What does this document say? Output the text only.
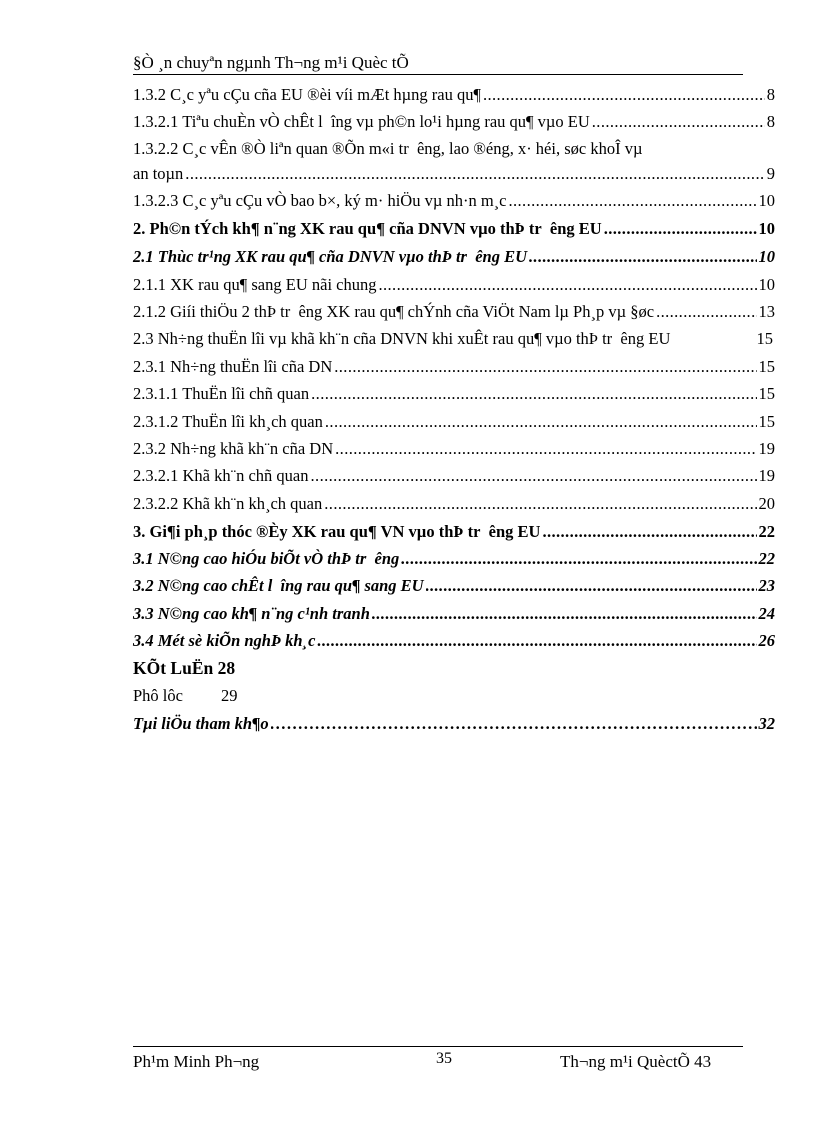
§Ò ¸n chuyªn ngµnh Th¬ng m¹i Quèc tÕ
1.3.2 C¸c yªu cÇu cña EU ®èi víi mÆt hµng rau qu¶ .....	8
1.3.2.1 Tiªu chuÈn vÒ chÊt l  îng vµ ph©n lo¹i hµng rau qu¶ vµo EU .....	8
1.3.2.2 C¸c vÊn ®Ò liªn quan ®Õn m«i tr  êng, lao ®éng, x· héi, søc khoÎ vµ
an toµn .....	9
1.3.2.3 C¸c yªu cÇu vÒ bao b×, ký m· hiÖu vµ nh·n m¸c .....	10
2. Ph©n tÝch kh¶ n¨ng XK rau qu¶ cña DNVN vµo thÞ tr  êng EU .....	10
2.1 Thùc tr¹ng XK rau qu¶ cña DNVN vµo thÞ tr  êng EU .....	10
2.1.1 XK rau qu¶ sang EU nãi chung .....	10
2.1.2 Giíi thiÖu 2 thÞ tr  êng XK rau qu¶ chÝnh cña ViÖt Nam lµ Ph¸p vµ §øc .....	13
2.3 Nh÷ng thuËn lîi vµ khã kh¨n cña DNVN khi xuÊt rau qu¶ vµo thÞ tr  êng EU	15
2.3.1 Nh÷ng thuËn lîi cña DN .....	15
2.3.1.1 ThuËn lîi chñ quan .....	15
2.3.1.2 ThuËn lîi kh¸ch quan .....	15
2.3.2 Nh÷ng khã kh¨n cña DN .....	19
2.3.2.1 Khã kh¨n chñ quan .....	19
2.3.2.2 Khã kh¨n kh¸ch quan .....	20
3. Gi¶i ph¸p thóc ®Èy XK rau qu¶ VN vµo thÞ tr  êng EU .....	22
3.1 N©ng cao hiÓu biÕt vÒ thÞ tr  êng .....	22
3.2 N©ng cao chÊt l  îng rau qu¶ sang EU .....	23
3.3 N©ng cao kh¶ n¨ng c¹nh tranh .....	24
3.4 Mét sè kiÕn nghÞ kh¸c .....	26
KÕt LuËn 28
Phô lôc 29
Tµi liÖu tham kh¶o .....	32
Ph¹m Minh Ph¬ng	35	Th¬ng m¹i QuèctÕ 43
